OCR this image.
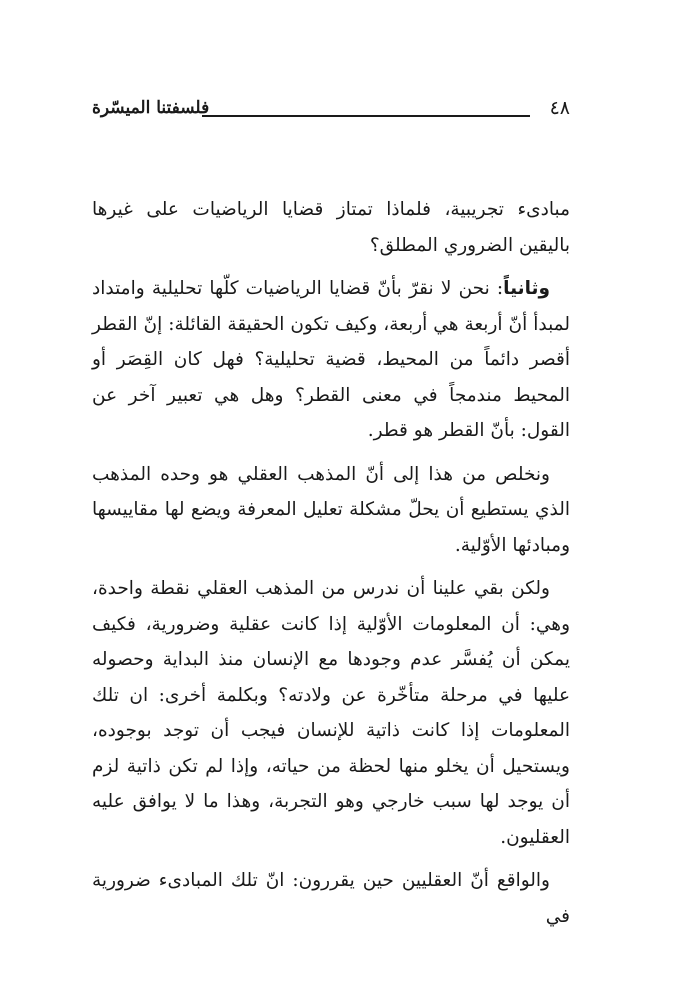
٤٨
فلسفتنا الميسّرة

مبادىء تجريبية، فلماذا تمتاز قضايا الرياضيات على غيرها باليقين الضروري المطلق؟

وثانياً: نحن لا نقرّ بأنّ قضايا الرياضيات كلّها تحليلية وامتداد لمبدأ أنّ أربعة هي أربعة، وكيف تكون الحقيقة القائلة: إنّ القطر أقصر دائماً من المحيط، قضية تحليلية؟ فهل كان القِصَر أو المحيط مندمجاً في معنى القطر؟ وهل هي تعبير آخر عن القول: بأنّ القطر هو قطر.

ونخلص من هذا إلى أنّ المذهب العقلي هو وحده المذهب الذي يستطيع أن يحلّ مشكلة تعليل المعرفة ويضع لها مقاييسها ومبادئها الأوّلية.

ولكن بقي علينا أن ندرس من المذهب العقلي نقطة واحدة، وهي: أن المعلومات الأوّلية إذا كانت عقلية وضرورية، فكيف يمكن أن يُفسَّر عدم وجودها مع الإنسان منذ البداية وحصوله عليها في مرحلة متأخّرة عن ولادته؟ وبكلمة أخرى: ان تلك المعلومات إذا كانت ذاتية للإنسان فيجب أن توجد بوجوده، ويستحيل أن يخلو منها لحظة من حياته، وإذا لم تكن ذاتية لزم أن يوجد لها سبب خارجي وهو التجربة، وهذا ما لا يوافق عليه العقليون.

والواقع أنّ العقليين حين يقررون: انّ تلك المبادىء ضرورية في
